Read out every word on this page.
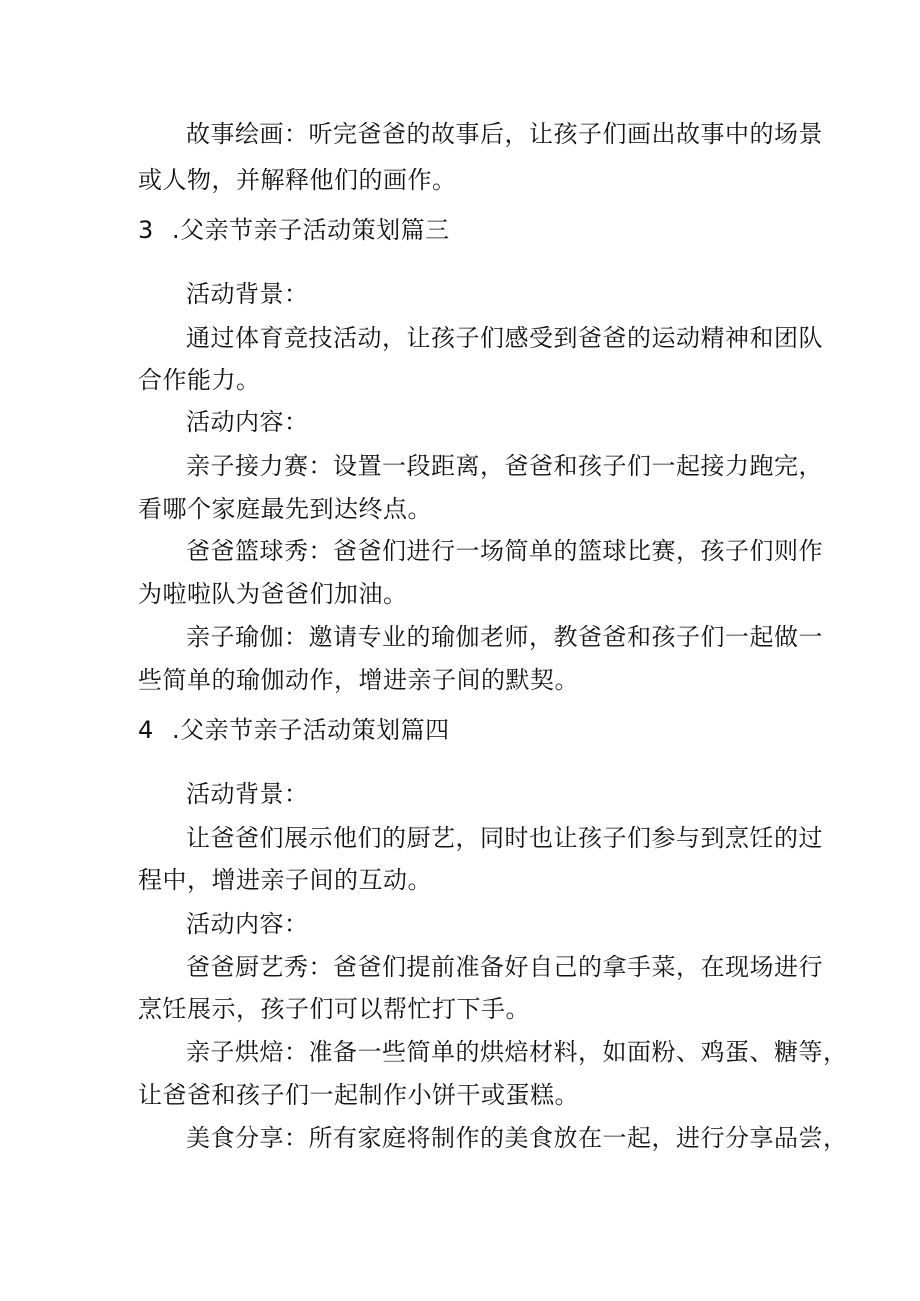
故事绘画：听完爸爸的故事后，让孩子们画出故事中的场景
或人物，并解释他们的画作。
3 .父亲节亲子活动策划篇三
活动背景：
通过体育竞技活动，让孩子们感受到爸爸的运动精神和团队
合作能力。
活动内容：
亲子接力赛：设置一段距离，爸爸和孩子们一起接力跑完，
看哪个家庭最先到达终点。
爸爸篮球秀：爸爸们进行一场简单的篮球比赛，孩子们则作
为啦啦队为爸爸们加油。
亲子瑜伽：邀请专业的瑜伽老师，教爸爸和孩子们一起做一
些简单的瑜伽动作，增进亲子间的默契。
4 .父亲节亲子活动策划篇四
活动背景：
让爸爸们展示他们的厨艺，同时也让孩子们参与到烹饪的过
程中，增进亲子间的互动。
活动内容：
爸爸厨艺秀：爸爸们提前准备好自己的拿手菜，在现场进行
烹饪展示，孩子们可以帮忙打下手。
亲子烘焙：准备一些简单的烘焙材料，如面粉、鸡蛋、糖等，
让爸爸和孩子们一起制作小饼干或蛋糕。
美食分享：所有家庭将制作的美食放在一起，进行分享品尝，
